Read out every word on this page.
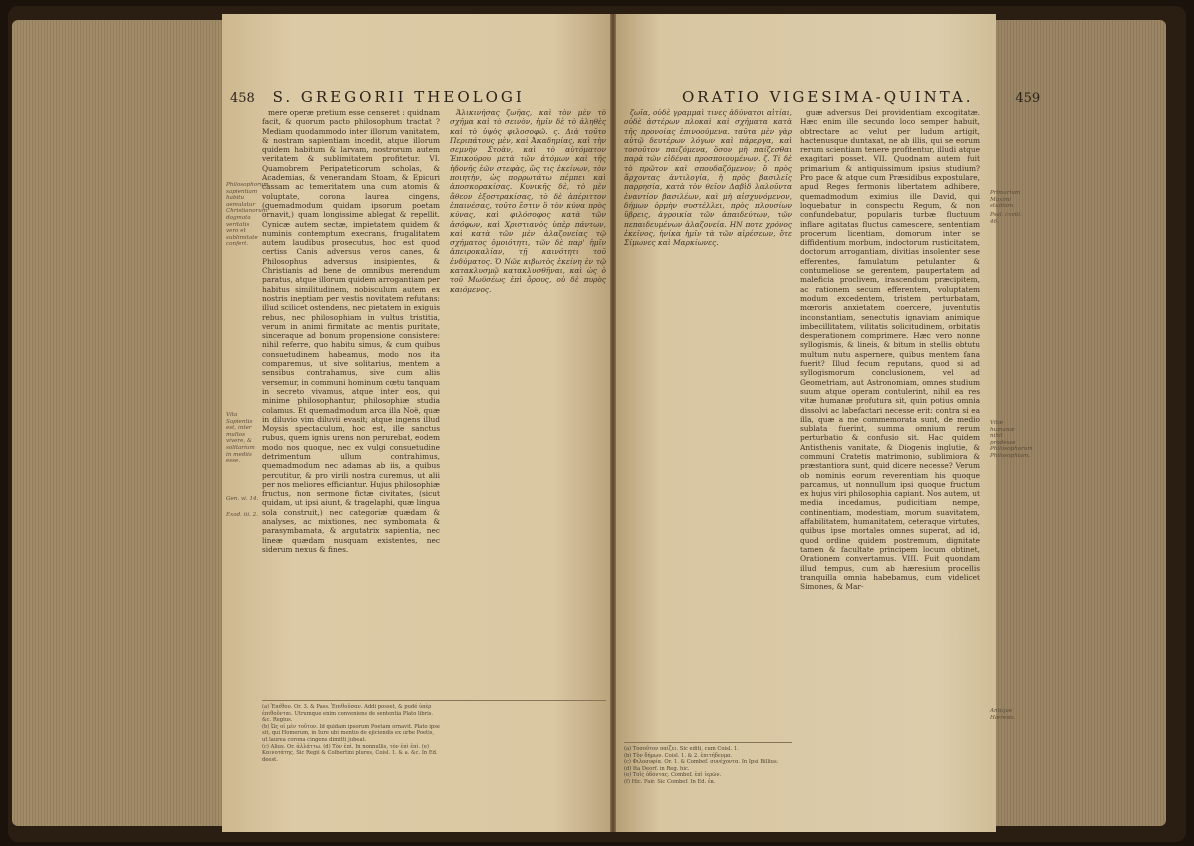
458 S. GREGORII THEOLOGI

mere operæ pretium esse censeret : quidnam facit, & quorum pacto philosophum tractat ? Mediam quodammodo inter illorum vanitatem, & nostram sapientiam incedit, atque illorum quidem habitum & larvam, nostrorum autem veritatem & sublimitatem profitetur. VI. Quamobrem Peripateticorum scholas, & Academias, & venerandam Stoam, & Epicuri cassam ac temeritatem una cum atomis & voluptate, corona laurea cingens, (quemadmodum quidam ipsorum poetam ornavit,) quam longissime ablegat & repellit. Cynicæ autem sectæ, impietatem quidem & numinis contemptum execrans, frugalitatem autem laudibus prosecutus, hoc est quod certiss Canis adversus veros canes, & Philosophus adversus insipientes, & Christianis ad bene de omnibus merendum paratus, atque illorum quidem arrogantiam per habitus similitudinem, nobisculum autem ex nostris ineptiam per vestis novitatem refutans: illud scilicet ostendens, nec pietatem in exiguis rebus, nec philosophiam in vultus tristitia, verum in animi firmitate ac mentis puritate, sinceraque ad bonum propensione consistere: nihil referre, quo habitu simus, & cum quibus consuetudinem habeamus, modo nos ita comparemus, ut sive solitarius, mentem a sensibus contrahamus, sive cum aliis versemur, in communi hominum cœtu tanquam in secreto vivamus, atque inter eos, qui minime philosophantur, philosophiæ studia colamus. Et quemadmodum arca illa Noë, quæ in diluvio vim diluvii evasit; atque ingens illud Moysis spectaculum, hoc est, ille sanctus rubus, quem ignis urens non perurebat, eodem modo nos quoque, nec ex vulgi consuetudine detrimentum ullum contrahimus, quemadmodum nec adamas ab iis, a quibus percutitur, & pro virili nostra curemus, ut alii per nos meliores efficiantur. Hujus philosophiæ fructus, non sermone fictæ civitates, (sicut quidam, ut ipsi aiunt, & tragelaphi, quæ lingua sola construit,) nec categoriæ quædam & analyses, ac mixtiones, nec symbomata & parasymbamata, & argutatrix sapientia, nec lineæ quædam nusquam existentes, nec siderum nexus & fines.

Ἀλικινήσας ζωῆας, καὶ τὸν μὲν τὸ σχῆμα καὶ τὸ σεινὸν, ἡμῖν δὲ τὸ ἀληθὲς καὶ τὸ ὑψὸς φιλοσοφῶ. ς. Διὰ τοῦτο Περιπάτους μὲν, καὶ Ἀκαδημίας, καὶ τὴν σεμνὴν Στοὰν, καὶ τὸ αὐτόματον Ἐπικούρου μετὰ τῶν ἀτόμων καὶ τῆς ἡδονῆς ἐῶν στεφὰς, ὥς τις ἐκείνων, τὸν ποιητὴν, ὡς πορρωτάτω πέμπει καὶ ἀποσκορακίσας. Κυνικῆς δὲ, τὸ μὲν ἄθεον ἐξοστρακίσας, τὸ δὲ ἀπέριττον ἐπαινέσας, τοῦτο ἔστιν ὃ τὸν κύνα πρὸς κύνας, καὶ φιλόσοφος κατὰ τῶν ἀσόφων, καὶ Χριστιανὸς ὑπὲρ πάντων, καὶ κατὰ τῶν μὲν ἀλαζονείας τῷ σχήματος ὁμοιότητι, τῶν δὲ παρ' ἡμῖν ἀπειροκαλίαν, τῇ καινότητι τοῦ ἐνδύματος. Ὁ Νῶε κιβωτὸς ἐκείνη ἐν τῷ κατακλυσμῷ κατακλυσθῆναι, καὶ ὡς ὁ τοῦ Μωϋσέως ἐπὶ ὄρους, οὐ δὲ πυρὸς καιόμενος.

Philosophorum sapientiam habitu aemulatur Christianorum dogmata veritatis vero et sublimitate confert.
Vita Sapientis est, inter multos vivere, & solitarium in mediis esse.
Gen. vi. 14.
Exod. iii. 2.
(a) Ἐπέθου. Or. 3. & Pass. Ἐπιθοῦσαν. Addi posset, & pudé ὑπὲρ ἐπιθοῦνται. Utrumque enim conveniens de sententia Plato libris. &c. Regius.
(b) Ὡς οἱ μὲν τοῦτον. Id quidam ipsorum Poetam ornavit. Plato ipse sit, qui Homerum, in Iure ubi mentio de ejiciendis ex urbe Poetis, ut laurea corona cingens dimitti jubeat.
(c) Alius. Or. ἀλλάττω. (d) Τὸν ἐπὶ. In nonnullis, τὸν ἐπὶ ἐπί. (e) Καινοτάτης. Sic Regii & Colbertini plures, Coisl. 1. & a. &c. In Ed. deest.
ORATIO VIGESIMA-QUINTA.	459

ζωῖα, οὐδὲ γραμμαὶ τινες ἀδύνατοι αἰτίαι, οὐδὲ ἀστέρων πλοκαὶ καὶ σχήματα κατὰ τῆς προνοίας ἐπινοούμενα. ταῦτα μὲν γὰρ αὐτῷ δευτέρων λόγων καὶ πάρεργα, καὶ τοσοῦτον παιζόμενα, ὅσον μὴ παίζεσθαι παρὰ τῶν εἰδέναι προσποιουμένων. ζ. Τί δὲ τὸ πρῶτον καὶ σπουδαζόμενον; ὃ πρὸς ἄρχοντας ἀντιλογία, ἡ πρὸς βασιλεῖς παρρησία, κατὰ τὸν θεῖον Δαβὶδ λαλοῦντα ἐναντίον βασιλέων, καὶ μὴ αἰσχυνόμενον, δήμων ὁρμὴν συστέλλει, πρὸς πλουσίων ὕβρεις, ἀγροικία τῶν ἀπαιδεύτων, τῶν πεπαιδευμένων ἀλαζονεία. ΗΝ ποτε χρόνος ἐκεῖνος, ἡνίκα ἡμῖν τὰ τῶν αἱρέσεων, ὅτε Σίμωνες καὶ Μαρκίωνες.

guæ adversus Dei providentiam excogitatæ. Hæc enim ille secundo loco semper habuit, obtrectare ac velut per ludum artigit, hactenusque duntaxat, ne ab illis, qui se eorum rerum scientiam tenere profitentur, illudi atque exagitari posset. VII. Quodnam autem fuit primarium & antiquissimum ipsius studium? Pro pace & atque cum Præsidibus expostulare, apud Reges fermonis libertatem adhibere, quemadmodum eximius ille David, qui loquebatur in conspectu Regum, & non confundebatur, popularis turbæ fluctuum inflare agitatas fluctus camescere, sententiam procerum licentiam, domorum inter se diffidentium morbum, indoctorum rusticitatem, doctorum arrogantiam, divitias insolenter sese efferentes, famulatum petulanter & contumeliose se gerentem, paupertatem ad maleficia proclivem, irascendum præcipitem, ac rationem secum efferentem, voluptatem modum excedentem, tristem perturbatam, mœroris anxietatem coercere, juventutis inconstantiam, senectutis ignaviam animique imbecillitatem, vilitatis solicitudinem, orbitatis desperationem comprimere. Hæc vero nonne syllogismis, & lineis, & bitum in stellis obtutu multum nutu aspernere, quibus mentem fana fuerit? Illud fecum reputans, quod si ad syllogismorum conclusionem, vel ad Geometriam, aut Astronomiam, omnes studium suum atque operam contulerint, nihil ea res vitæ humanæ profutura sit, quin potius omnia dissolvi ac labefactari necesse erit: contra si ea illa, quæ a me commemorata sunt, de medio sublata fuerint, summa omnium rerum perturbatio & confusio sit. Hac quidem Antisthenis vanitate, & Diogenis inglutie, & communi Cratetis matrimonio, sublimiora & præstantiora sunt, quid dicere necesse? Verum ob nominis eorum reverentiam his quoque parcamus, ut nonnullum ipsi quoque fructum ex hujus viri philosophia capiant. Nos autem, ut media incedamus, pudicitiam nempe, continentiam, modestiam, morum suavitatem, affabilitatem, humanitatem, ceteraque virtutes, quibus ipse mortales omnes superat, ad id, quod ordine quidem postremum, dignitate tamen & facultate principem locum obtinet, Orationem convertamus. VIII. Fuit quondam illud tempus, cum ab hæresium procellis tranquilla omnia habebamus, cum videlicet Simones, & Mar-

Primarium Maximi studium.
Psal. cxviii. 46.
Vitæ humanæ nihil prodesse Philosophorum Philosophiam.
Antique Hæresis.
(a) Τοσοῦτον παίζει. Sic editi, cum Coisl. 1.
(b) Τὸν δήμων. Coisl. 1. & 2. ἐπιτήδευμα.
(c) Φιλοσοφία. Or. 1. & Combef. συνέχοντα. In Ipsi Billius.
(d) Ita Deorf. in Reg. hic.
(e) Τοῖς ὀδόντας. Combef. ἐπὶ ἱερῶν.
(f) Hic. Fair. Sic Combef. In Ed. ἐκ.
